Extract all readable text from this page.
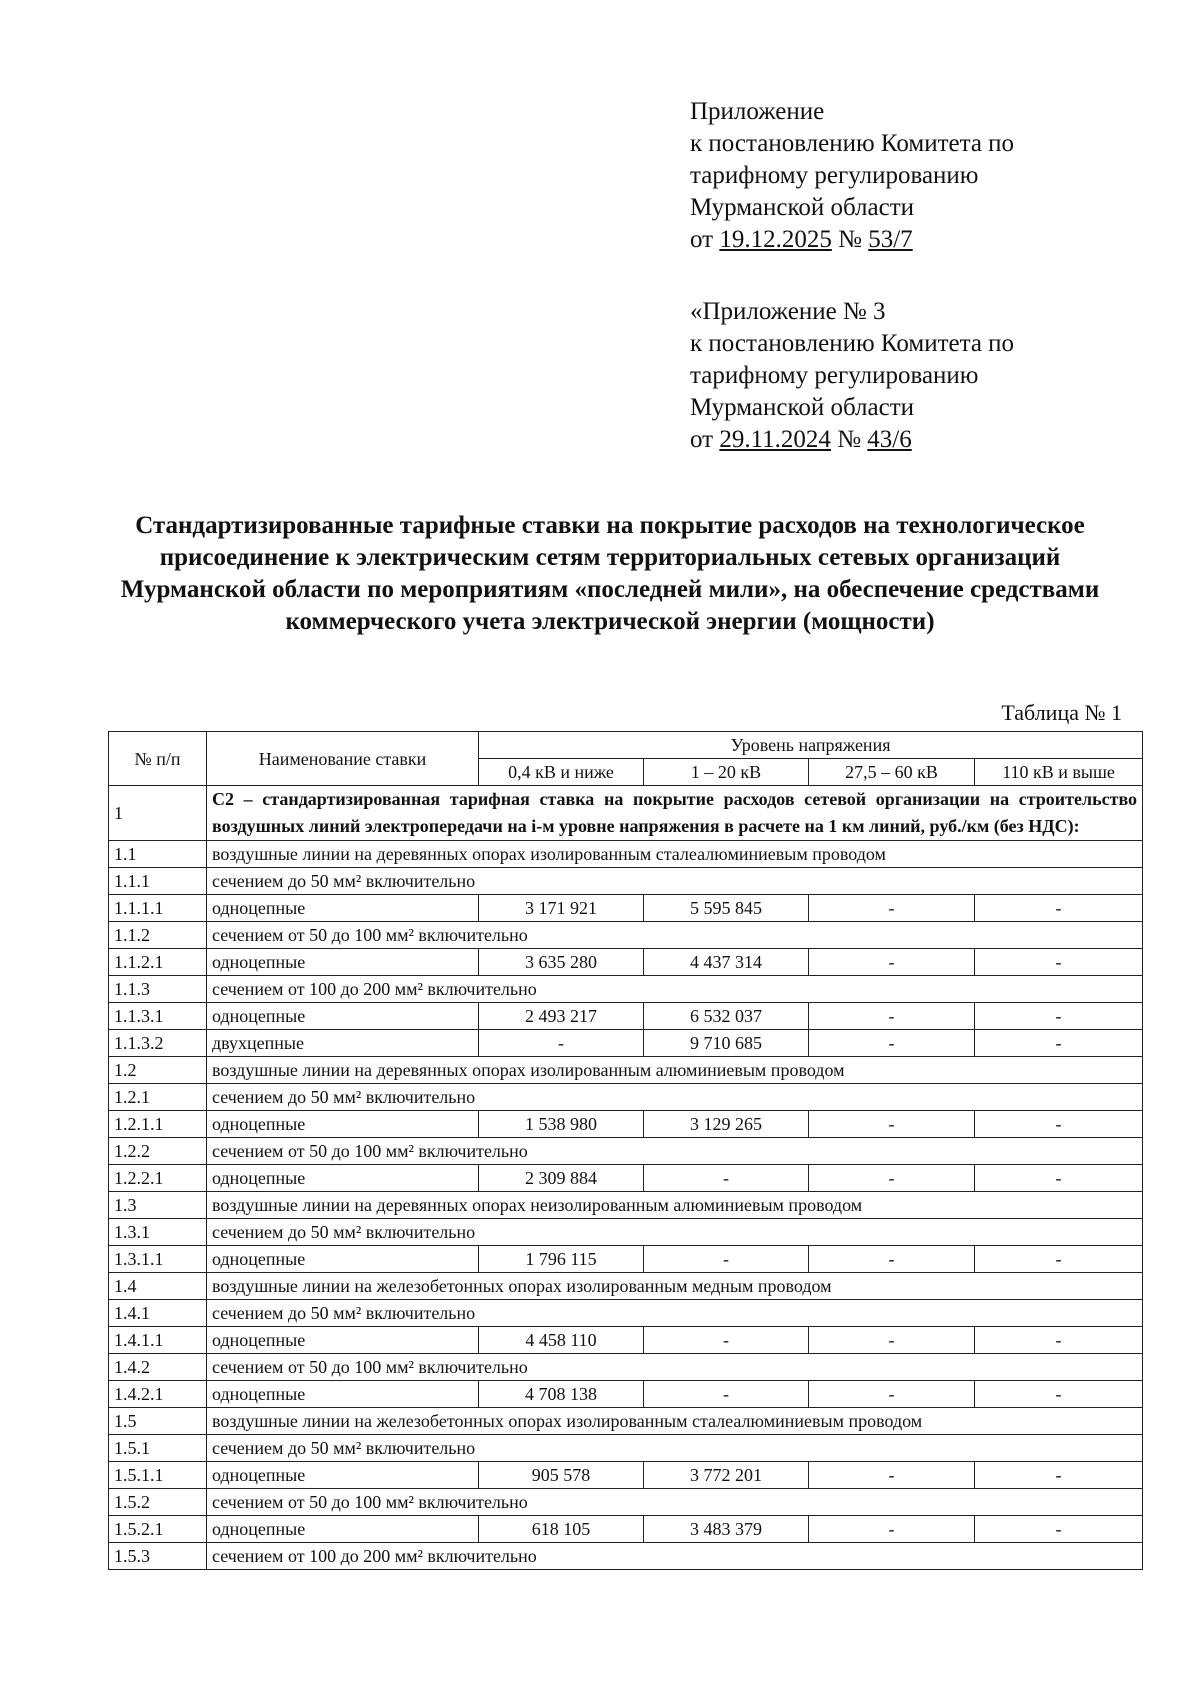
Приложение
к постановлению Комитета по
тарифному регулированию
Мурманской области
от 19.12.2025 № 53/7
«Приложение № 3
к постановлению Комитета по
тарифному регулированию
Мурманской области
от 29.11.2024 № 43/6
Стандартизированные тарифные ставки на покрытие расходов на технологическое присоединение к электрическим сетям территориальных сетевых организаций Мурманской области по мероприятиям «последней мили», на обеспечение средствами коммерческого учета электрической энергии (мощности)
Таблица № 1
№ п/п	Наименование ставки	Уровень напряжения			
		0,4 кВ и ниже	1 – 20 кВ	27,5 – 60 кВ	110 кВ и выше
1	С2 – стандартизированная тарифная ставка на покрытие расходов сетевой организации на строительство воздушных линий электропередачи на i-м уровне напряжения в расчете на 1 км линий, руб./км (без НДС):				
1.1	воздушные линии на деревянных опорах изолированным сталеалюминиевым проводом				
1.1.1	сечением до 50 мм² включительно				
1.1.1.1	одноцепные	3 171 921	5 595 845	-	-
1.1.2	сечением от 50 до 100 мм² включительно				
1.1.2.1	одноцепные	3 635 280	4 437 314	-	-
1.1.3	сечением от 100 до 200 мм² включительно				
1.1.3.1	одноцепные	2 493 217	6 532 037	-	-
1.1.3.2	двухцепные	-	9 710 685	-	-
1.2	воздушные линии на деревянных опорах изолированным алюминиевым проводом				
1.2.1	сечением до 50 мм² включительно				
1.2.1.1	одноцепные	1 538 980	3 129 265	-	-
1.2.2	сечением от 50 до 100 мм² включительно				
1.2.2.1	одноцепные	2 309 884	-	-	-
1.3	воздушные линии на деревянных опорах неизолированным алюминиевым проводом				
1.3.1	сечением до 50 мм² включительно				
1.3.1.1	одноцепные	1 796 115	-	-	-
1.4	воздушные линии на железобетонных опорах изолированным медным проводом				
1.4.1	сечением до 50 мм² включительно				
1.4.1.1	одноцепные	4 458 110	-	-	-
1.4.2	сечением от 50 до 100 мм² включительно				
1.4.2.1	одноцепные	4 708 138	-	-	-
1.5	воздушные линии на железобетонных опорах изолированным сталеалюминиевым проводом				
1.5.1	сечением до 50 мм² включительно				
1.5.1.1	одноцепные	905 578	3 772 201	-	-
1.5.2	сечением от 50 до 100 мм² включительно				
1.5.2.1	одноцепные	618 105	3 483 379	-	-
1.5.3	сечением от 100 до 200 мм² включительно				
